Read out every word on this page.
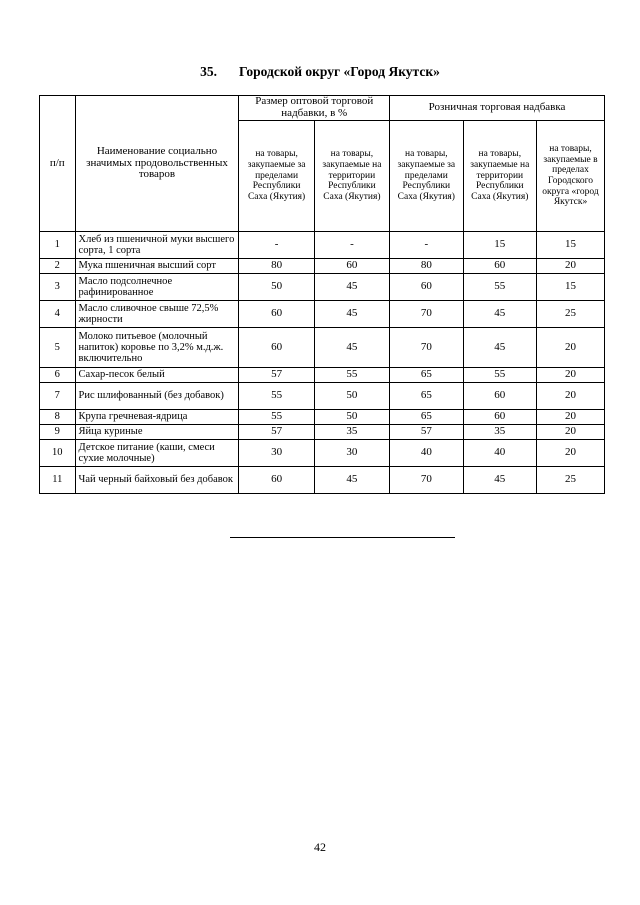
35. Городской округ «Город Якутск»
п/п	Наименование социально значимых продовольственных товаров	Размер оптовой торговой надбавки, в %		Розничная торговая надбавка		
		на товары, закупаемые за пределами Республики Саха (Якутия)	на товары, закупаемые на территории Республики Саха (Якутия)	на товары, закупаемые за пределами Республики Саха (Якутия)	на товары, закупаемые на территории Республики Саха (Якутия)	на товары, закупаемые в пределах Городского округа «город Якутск»
1	Хлеб из пшеничной муки высшего сорта, 1 сорта	-	-	-	15	15
2	Мука пшеничная высший сорт	80	60	80	60	20
3	Масло подсолнечное рафинированное	50	45	60	55	15
4	Масло сливочное свыше 72,5% жирности	60	45	70	45	25
5	Молоко питьевое (молочный напиток) коровье по 3,2% м.д.ж. включительно	60	45	70	45	20
6	Сахар-песок белый	57	55	65	55	20
7	Рис шлифованный (без добавок)	55	50	65	60	20
8	Крупа гречневая-ядрица	55	50	65	60	20
9	Яйца куриные	57	35	57	35	20
10	Детское питание (каши, смеси сухие молочные)	30	30	40	40	20
11	Чай черный байховый без добавок	60	45	70	45	25
42
